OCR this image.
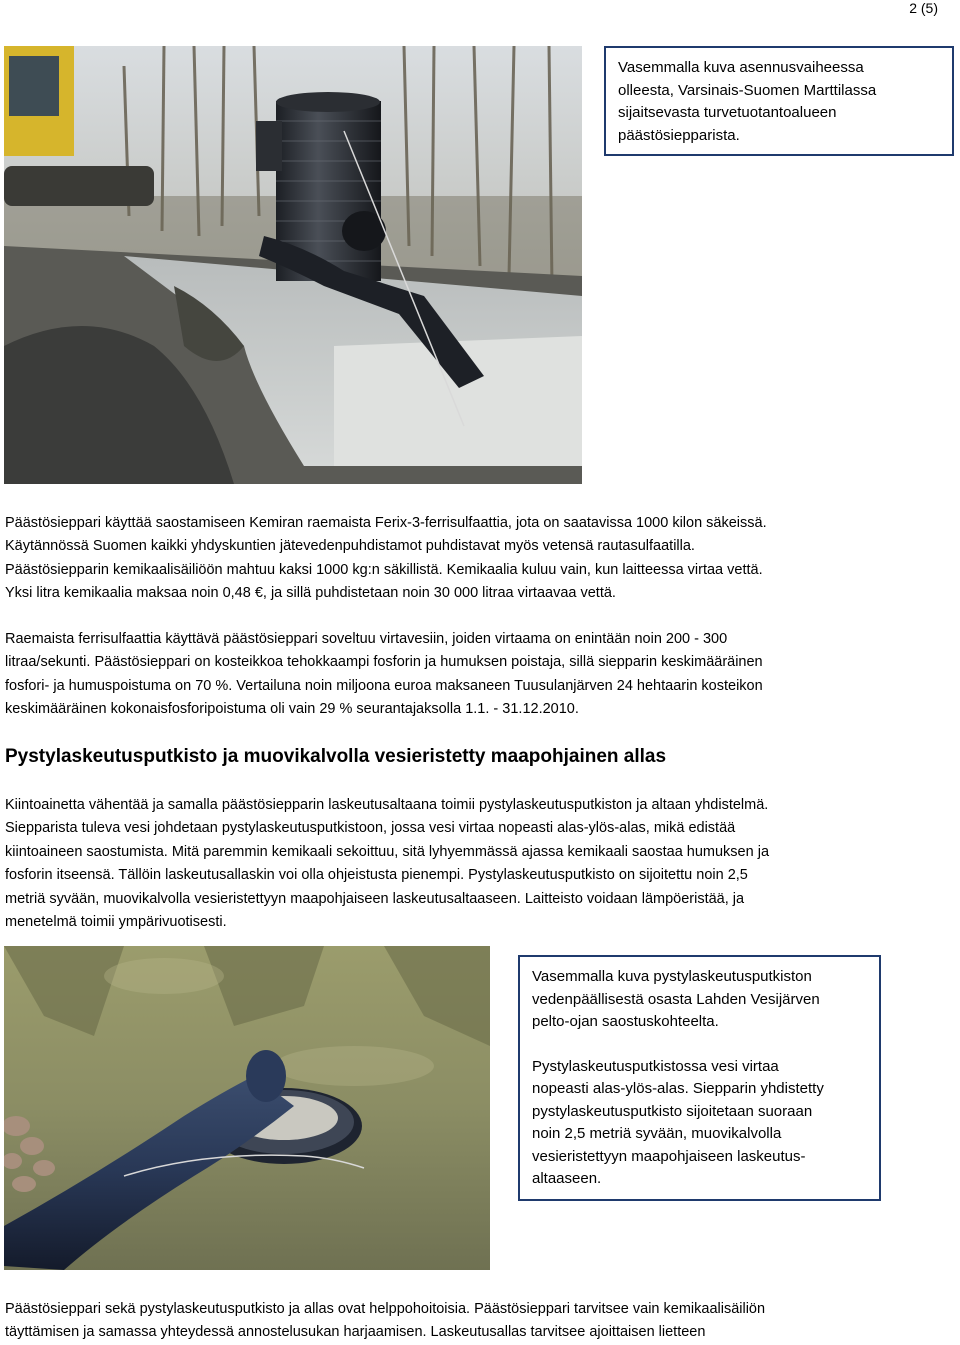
2 (5)

Vasemmalla kuva asennusvaiheessa

olleesta, Varsinais-Suomen Marttilassa

sijaitsevasta turvetuotantoalueen

päästösiepparista.

Päästösieppari käyttää saostamiseen Kemiran raemaista Ferix-3-ferrisulfaattia, jota on saatavissa 1000 kilon säkeissä.
Käytännössä Suomen kaikki yhdyskuntien jätevedenpuhdistamot puhdistavat myös vetensä rautasulfaatilla.
Päästösiepparin kemikaalisäiliöön mahtuu kaksi 1000 kg:n säkillistä. Kemikaalia kuluu vain, kun laitteessa virtaa vettä.
Yksi litra kemikaalia maksaa noin 0,48 €, ja sillä puhdistetaan noin 30 000 litraa virtaavaa vettä.
Raemaista ferrisulfaattia käyttävä päästösieppari soveltuu virtavesiin, joiden virtaama on enintään noin 200 - 300
litraa/sekunti. Päästösieppari on kosteikkoa tehokkaampi fosforin ja humuksen poistaja, sillä siepparin keskimääräinen
fosfori- ja humuspoistuma on 70 %. Vertailuna noin miljoona euroa maksaneen Tuusulanjärven 24 hehtaarin kosteikon
keskimääräinen kokonaisfosforipoistuma oli vain 29 % seurantajaksolla 1.1. - 31.12.2010.
Pystylaskeutusputkisto ja muovikalvolla vesieristetty maapohjainen allas
Kiintoainetta vähentää ja samalla päästösiepparin laskeutusaltaana toimii pystylaskeutusputkiston ja altaan yhdistelmä.
Siepparista tuleva vesi johdetaan pystylaskeutusputkistoon, jossa vesi virtaa nopeasti alas-ylös-alas, mikä edistää
kiintoaineen saostumista. Mitä paremmin kemikaali sekoittuu, sitä lyhyemmässä ajassa kemikaali saostaa humuksen ja
fosforin itseensä. Tällöin laskeutusallaskin voi olla ohjeistusta pienempi. Pystylaskeutusputkisto on sijoitettu noin 2,5
metriä syvään, muovikalvolla vesieristettyyn maapohjaiseen laskeutusaltaaseen. Laitteisto voidaan lämpöeristää, ja
menetelmä toimii ympärivuotisesti.

Vasemmalla kuva pystylaskeutusputkiston

vedenpäällisestä osasta Lahden Vesijärven

pelto-ojan saostuskohteelta.

Pystylaskeutusputkistossa vesi virtaa

nopeasti alas-ylös-alas. Siepparin yhdistetty

pystylaskeutusputkisto sijoitetaan suoraan

noin 2,5 metriä syvään, muovikalvolla

vesieristettyyn maapohjaiseen laskeutus-

altaaseen.

Päästösieppari sekä pystylaskeutusputkisto ja allas ovat helppohoitoisia. Päästösieppari tarvitsee vain kemikaalisäiliön
täyttämisen ja samassa yhteydessä annostelusukan harjaamisen. Laskeutusallas tarvitsee ajoittaisen lietteen
